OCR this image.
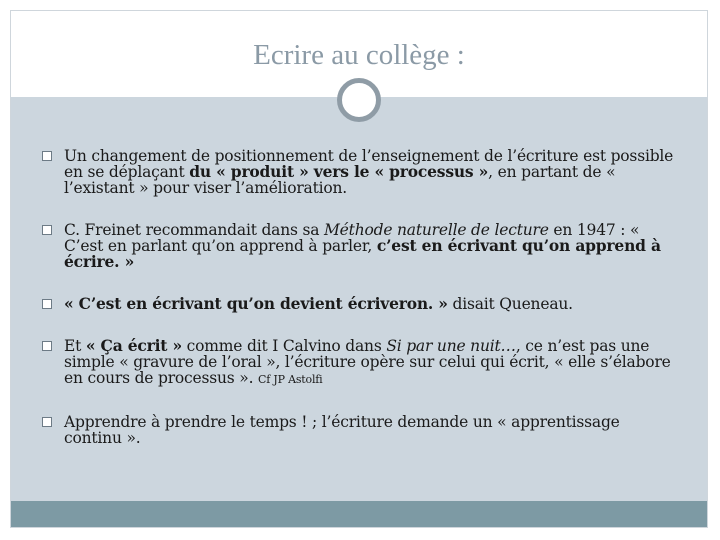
Ecrire au collège :
Un changement de positionnement de l’enseignement de l’écriture est possible en se déplaçant du « produit » vers le « processus », en partant de « l’existant » pour viser l’amélioration.
C. Freinet recommandait dans sa Méthode naturelle de lecture en 1947 : « C’est en parlant qu’on apprend à parler, c’est en écrivant qu’on apprend à écrire. »
« C’est en écrivant qu’on devient écriveron. » disait Queneau.
Et « Ça écrit » comme dit I Calvino dans Si par une nuit…, ce n’est pas une simple « gravure de l’oral », l’écriture opère sur celui qui écrit, « elle s’élabore en cours de processus ». Cf JP Astolfi
Apprendre à prendre le temps ! ; l’écriture demande un « apprentissage continu ».
